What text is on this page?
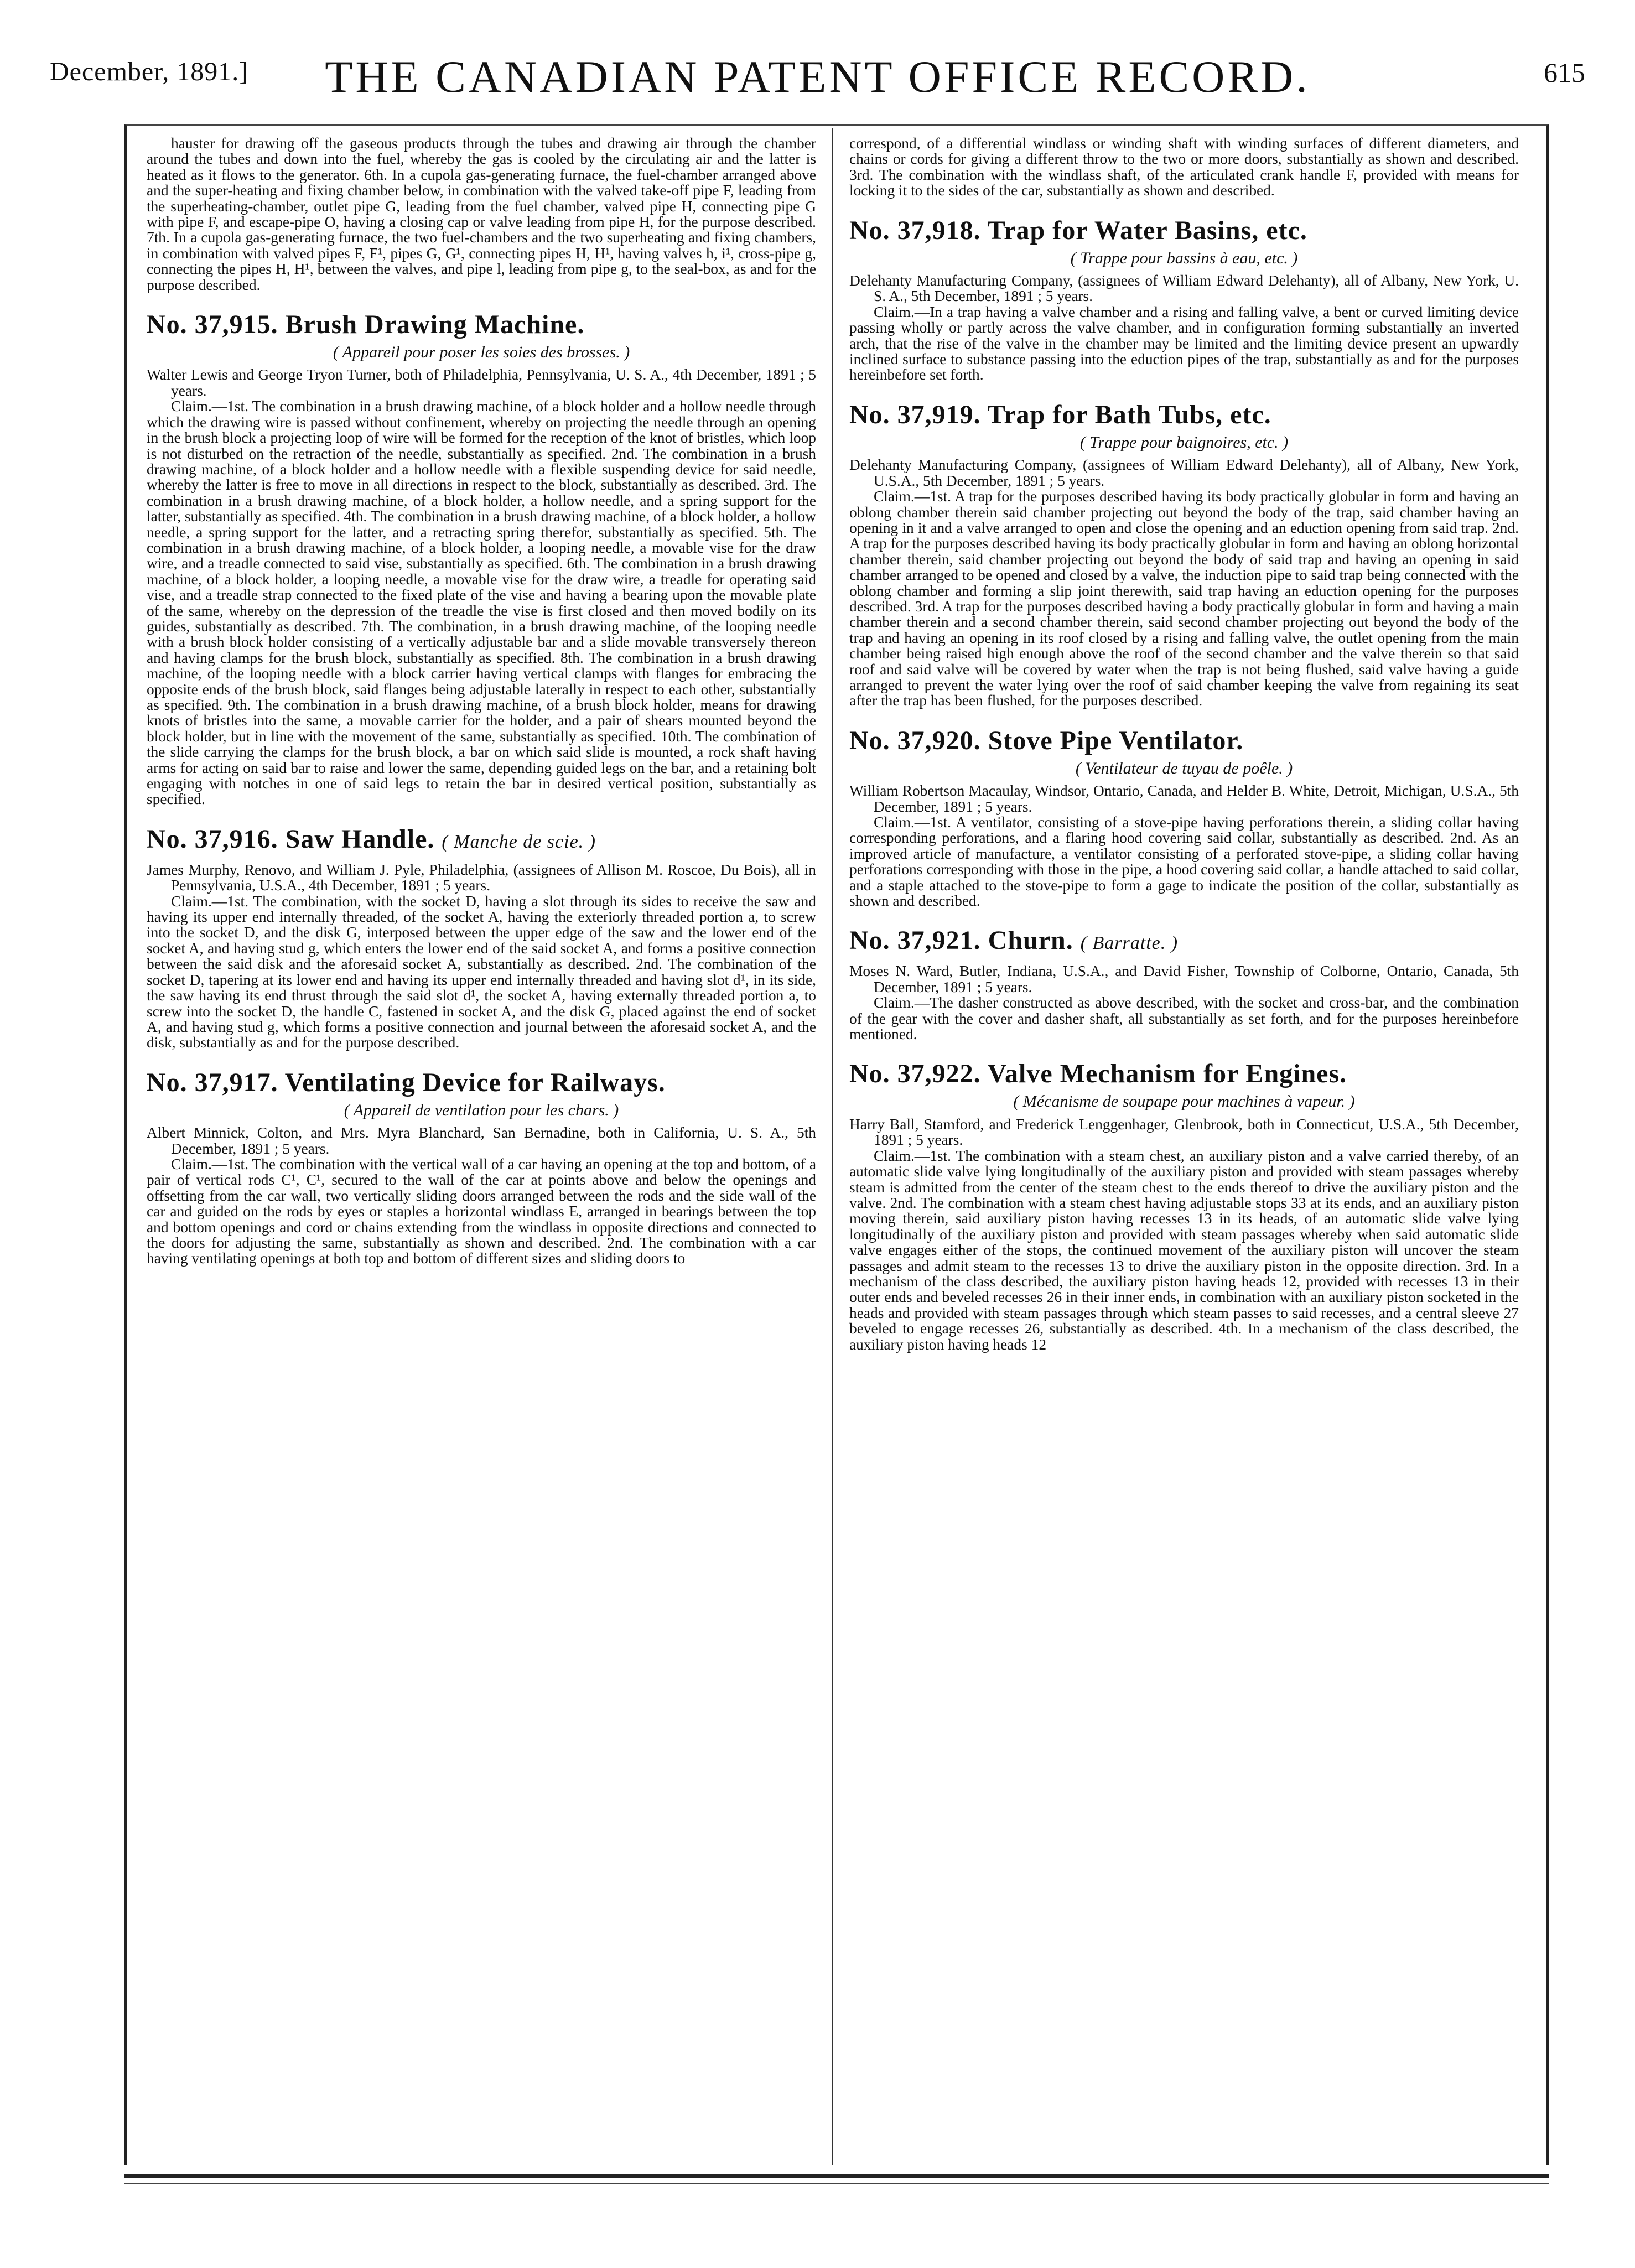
December, 1891.]	THE CANADIAN PATENT OFFICE RECORD.	615

hauster for drawing off the gaseous products through the tubes and drawing air through the chamber around the tubes and down into the fuel, whereby the gas is cooled by the circulating air and the latter is heated as it flows to the generator. 6th. In a cupola gas-generating furnace, the fuel-chamber arranged above and the super-heating and fixing chamber below, in combination with the valved take-off pipe F, leading from the superheating-chamber, outlet pipe G, leading from the fuel chamber, valved pipe H, connecting pipe G with pipe F, and escape-pipe O, having a closing cap or valve leading from pipe H, for the purpose described. 7th. In a cupola gas-generating furnace, the two fuel-chambers and the two superheating and fixing chambers, in combination with valved pipes F, F¹, pipes G, G¹, connecting pipes H, H¹, having valves h, i¹, cross-pipe g, connecting the pipes H, H¹, between the valves, and pipe l, leading from pipe g, to the seal-box, as and for the purpose described.

No. 37,915. Brush Drawing Machine.
( Appareil pour poser les soies des brosses. )

Walter Lewis and George Tryon Turner, both of Philadelphia, Pennsylvania, U. S. A., 4th December, 1891 ; 5 years.

Claim.—1st. The combination in a brush drawing machine, of a block holder and a hollow needle through which the drawing wire is passed without confinement, whereby on projecting the needle through an opening in the brush block a projecting loop of wire will be formed for the reception of the knot of bristles, which loop is not disturbed on the retraction of the needle, substantially as specified. 2nd. The combination in a brush drawing machine, of a block holder and a hollow needle with a flexible suspending device for said needle, whereby the latter is free to move in all directions in respect to the block, substantially as described. 3rd. The combination in a brush drawing machine, of a block holder, a hollow needle, and a spring support for the latter, substantially as specified. 4th. The combination in a brush drawing machine, of a block holder, a hollow needle, a spring support for the latter, and a retracting spring therefor, substantially as specified. 5th. The combination in a brush drawing machine, of a block holder, a looping needle, a movable vise for the draw wire, and a treadle connected to said vise, substantially as specified. 6th. The combination in a brush drawing machine, of a block holder, a looping needle, a movable vise for the draw wire, a treadle for operating said vise, and a treadle strap connected to the fixed plate of the vise and having a bearing upon the movable plate of the same, whereby on the depression of the treadle the vise is first closed and then moved bodily on its guides, substantially as described. 7th. The combination, in a brush drawing machine, of the looping needle with a brush block holder consisting of a vertically adjustable bar and a slide movable transversely thereon and having clamps for the brush block, substantially as specified. 8th. The combination in a brush drawing machine, of the looping needle with a block carrier having vertical clamps with flanges for embracing the opposite ends of the brush block, said flanges being adjustable laterally in respect to each other, substantially as specified. 9th. The combination in a brush drawing machine, of a brush block holder, means for drawing knots of bristles into the same, a movable carrier for the holder, and a pair of shears mounted beyond the block holder, but in line with the movement of the same, substantially as specified. 10th. The combination of the slide carrying the clamps for the brush block, a bar on which said slide is mounted, a rock shaft having arms for acting on said bar to raise and lower the same, depending guided legs on the bar, and a retaining bolt engaging with notches in one of said legs to retain the bar in desired vertical position, substantially as specified.

No. 37,916. Saw Handle. ( Manche de scie. )

James Murphy, Renovo, and William J. Pyle, Philadelphia, (assignees of Allison M. Roscoe, Du Bois), all in Pennsylvania, U.S.A., 4th December, 1891 ; 5 years.

Claim.—1st. The combination, with the socket D, having a slot through its sides to receive the saw and having its upper end internally threaded, of the socket A, having the exteriorly threaded portion a, to screw into the socket D, and the disk G, interposed between the upper edge of the saw and the lower end of the socket A, and having stud g, which enters the lower end of the said socket A, and forms a positive connection between the said disk and the aforesaid socket A, substantially as described. 2nd. The combination of the socket D, tapering at its lower end and having its upper end internally threaded and having slot d¹, in its side, the saw having its end thrust through the said slot d¹, the socket A, having externally threaded portion a, to screw into the socket D, the handle C, fastened in socket A, and the disk G, placed against the end of socket A, and having stud g, which forms a positive connection and journal between the aforesaid socket A, and the disk, substantially as and for the purpose described.

No. 37,917. Ventilating Device for Railways.
( Appareil de ventilation pour les chars. )

Albert Minnick, Colton, and Mrs. Myra Blanchard, San Bernadine, both in California, U. S. A., 5th December, 1891 ; 5 years.

Claim.—1st. The combination with the vertical wall of a car having an opening at the top and bottom, of a pair of vertical rods C¹, C¹, secured to the wall of the car at points above and below the openings and offsetting from the car wall, two vertically sliding doors arranged between the rods and the side wall of the car and guided on the rods by eyes or staples a horizontal windlass E, arranged in bearings between the top and bottom openings and cord or chains extending from the windlass in opposite directions and connected to the doors for adjusting the same, substantially as shown and described. 2nd. The combination with a car having ventilating openings at both top and bottom of different sizes and sliding doors to

correspond, of a differential windlass or winding shaft with winding surfaces of different diameters, and chains or cords for giving a different throw to the two or more doors, substantially as shown and described. 3rd. The combination with the windlass shaft, of the articulated crank handle F, provided with means for locking it to the sides of the car, substantially as shown and described.

No. 37,918. Trap for Water Basins, etc.
( Trappe pour bassins à eau, etc. )

Delehanty Manufacturing Company, (assignees of William Edward Delehanty), all of Albany, New York, U. S. A., 5th December, 1891 ; 5 years.

Claim.—In a trap having a valve chamber and a rising and falling valve, a bent or curved limiting device passing wholly or partly across the valve chamber, and in configuration forming substantially an inverted arch, that the rise of the valve in the chamber may be limited and the limiting device present an upwardly inclined surface to substance passing into the eduction pipes of the trap, substantially as and for the purposes hereinbefore set forth.

No. 37,919. Trap for Bath Tubs, etc.
( Trappe pour baignoires, etc. )

Delehanty Manufacturing Company, (assignees of William Edward Delehanty), all of Albany, New York, U.S.A., 5th December, 1891 ; 5 years.

Claim.—1st. A trap for the purposes described having its body practically globular in form and having an oblong chamber therein said chamber projecting out beyond the body of the trap, said chamber having an opening in it and a valve arranged to open and close the opening and an eduction opening from said trap. 2nd. A trap for the purposes described having its body practically globular in form and having an oblong horizontal chamber therein, said chamber projecting out beyond the body of said trap and having an opening in said chamber arranged to be opened and closed by a valve, the induction pipe to said trap being connected with the oblong chamber and forming a slip joint therewith, said trap having an eduction opening for the purposes described. 3rd. A trap for the purposes described having a body practically globular in form and having a main chamber therein and a second chamber therein, said second chamber projecting out beyond the body of the trap and having an opening in its roof closed by a rising and falling valve, the outlet opening from the main chamber being raised high enough above the roof of the second chamber and the valve therein so that said roof and said valve will be covered by water when the trap is not being flushed, said valve having a guide arranged to prevent the water lying over the roof of said chamber keeping the valve from regaining its seat after the trap has been flushed, for the purposes described.

No. 37,920. Stove Pipe Ventilator.
( Ventilateur de tuyau de poêle. )

William Robertson Macaulay, Windsor, Ontario, Canada, and Helder B. White, Detroit, Michigan, U.S.A., 5th December, 1891 ; 5 years.

Claim.—1st. A ventilator, consisting of a stove-pipe having perforations therein, a sliding collar having corresponding perforations, and a flaring hood covering said collar, substantially as described. 2nd. As an improved article of manufacture, a ventilator consisting of a perforated stove-pipe, a sliding collar having perforations corresponding with those in the pipe, a hood covering said collar, a handle attached to said collar, and a staple attached to the stove-pipe to form a gage to indicate the position of the collar, substantially as shown and described.

No. 37,921. Churn. ( Barratte. )

Moses N. Ward, Butler, Indiana, U.S.A., and David Fisher, Township of Colborne, Ontario, Canada, 5th December, 1891 ; 5 years.

Claim.—The dasher constructed as above described, with the socket and cross-bar, and the combination of the gear with the cover and dasher shaft, all substantially as set forth, and for the purposes hereinbefore mentioned.

No. 37,922. Valve Mechanism for Engines.
( Mécanisme de soupape pour machines à vapeur. )

Harry Ball, Stamford, and Frederick Lenggenhager, Glenbrook, both in Connecticut, U.S.A., 5th December, 1891 ; 5 years.

Claim.—1st. The combination with a steam chest, an auxiliary piston and a valve carried thereby, of an automatic slide valve lying longitudinally of the auxiliary piston and provided with steam passages whereby steam is admitted from the center of the steam chest to the ends thereof to drive the auxiliary piston and the valve. 2nd. The combination with a steam chest having adjustable stops 33 at its ends, and an auxiliary piston moving therein, said auxiliary piston having recesses 13 in its heads, of an automatic slide valve lying longitudinally of the auxiliary piston and provided with steam passages whereby when said automatic slide valve engages either of the stops, the continued movement of the auxiliary piston will uncover the steam passages and admit steam to the recesses 13 to drive the auxiliary piston in the opposite direction. 3rd. In a mechanism of the class described, the auxiliary piston having heads 12, provided with recesses 13 in their outer ends and beveled recesses 26 in their inner ends, in combination with an auxiliary piston socketed in the heads and provided with steam passages through which steam passes to said recesses, and a central sleeve 27 beveled to engage recesses 26, substantially as described. 4th. In a mechanism of the class described, the auxiliary piston having heads 12
